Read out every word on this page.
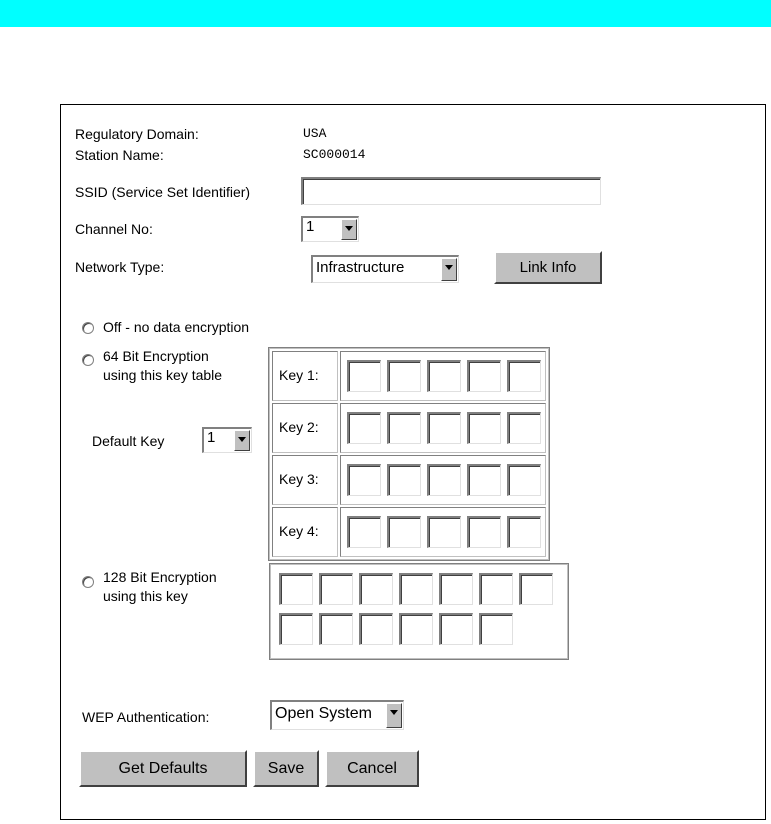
Regulatory Domain:	USA
Station Name:	SC000014
SSID (Service Set Identifier)
Channel No:	1
Network Type:	Infrastructure	Link Info
Off - no data encryption
64 Bit Encryption
using this key table
Default Key	1
Key 1:
Key 2:
Key 3:
Key 4:
128 Bit Encryption
using this key
WEP Authentication:	Open System
Get Defaults	Save	Cancel
